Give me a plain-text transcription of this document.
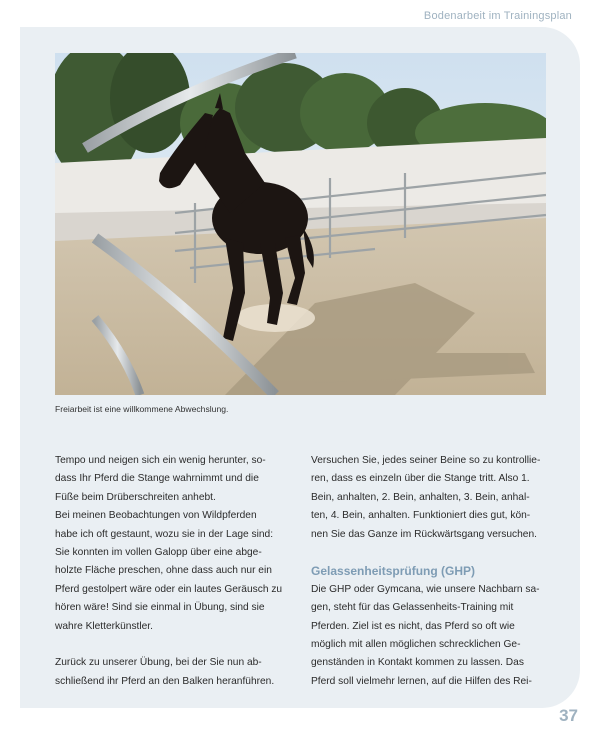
Bodenarbeit im Trainingsplan
Freiarbeit ist eine willkommene Abwechslung.

Tempo und neigen sich ein wenig herunter, so-

dass Ihr Pferd die Stange wahrnimmt und die

Füße beim Drüberschreiten anhebt.

Bei meinen Beobachtungen von Wildpferden

habe ich oft gestaunt, wozu sie in der Lage sind:

Sie konnten im vollen Galopp über eine abge-

holzte Fläche preschen, ohne dass auch nur ein

Pferd gestolpert wäre oder ein lautes Geräusch zu

hören wäre! Sind sie einmal in Übung, sind sie

wahre Kletterkünstler.

Zurück zu unserer Übung, bei der Sie nun ab-

schließend ihr Pferd an den Balken heranführen.

Versuchen Sie, jedes seiner Beine so zu kontrollie-

ren, dass es einzeln über die Stange tritt. Also 1.

Bein, anhalten, 2. Bein, anhalten, 3. Bein, anhal-

ten, 4. Bein, anhalten. Funktioniert dies gut, kön-

nen Sie das Ganze im Rückwärtsgang versuchen.

Gelassenheitsprüfung (GHP)

Die GHP oder Gymcana, wie unsere Nachbarn sa-

gen, steht für das Gelassenheits-Training mit

Pferden. Ziel ist es nicht, das Pferd so oft wie

möglich mit allen möglichen schrecklichen Ge-

genständen in Kontakt kommen zu lassen. Das

Pferd soll vielmehr lernen, auf die Hilfen des Rei-

37
